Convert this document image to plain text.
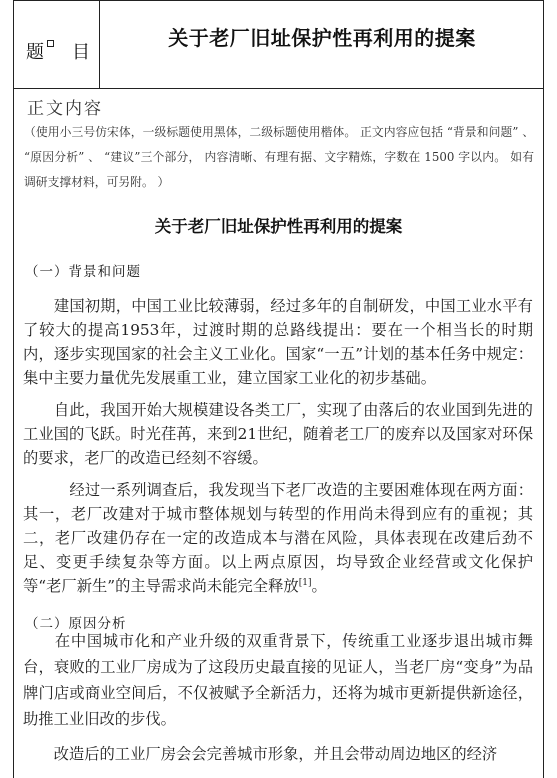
题 目
关于老厂旧址保护性再利用的提案
正文内容
（使用小三号仿宋体，一级标题使用黑体，二级标题使用楷体。 正文内容应包括 “背景和问题” 、 “原因分析” 、 “建议”三个部分， 内容清晰、有理有据、文字精炼，字数在 1500 字以内。 如有调研支撑材料，可另附。 ）
关于老厂旧址保护性再利用的提案
（一）背景和问题
　　建国初期，中国工业比较薄弱，经过多年的自制研发，中国工业水平有了较大的提高1953年，过渡时期的总路线提出：要在一个相当长的时期内，逐步实现国家的社会主义工业化。国家“一五”计划的基本任务中规定：集中主要力量优先发展重工业，建立国家工业化的初步基础。
　　自此，我国开始大规模建设各类工厂，实现了由落后的农业国到先进的工业国的飞跃。时光荏苒，来到21世纪，随着老工厂的废弃以及国家对环保的要求，老厂的改造已经刻不容缓。
　　　经过一系列调查后，我发现当下老厂改造的主要困难体现在两方面：其一，老厂改建对于城市整体规划与转型的作用尚未得到应有的重视；其二，老厂改建仍存在一定的改造成本与潜在风险，具体表现在改建后劲不足、变更手续复杂等方面。以上两点原因，均导致企业经营或文化保护等“老厂新生”的主导需求尚未能完全释放[1]。
（二）原因分析
　　在中国城市化和产业升级的双重背景下，传统重工业逐步退出城市舞台，衰败的工业厂房成为了这段历史最直接的见证人，当老厂房“变身”为品牌门店或商业空间后，不仅被赋予全新活力，还将为城市更新提供新途径，助推工业旧改的步伐。
　　改造后的工业厂房会会完善城市形象，并且会带动周边地区的经济
